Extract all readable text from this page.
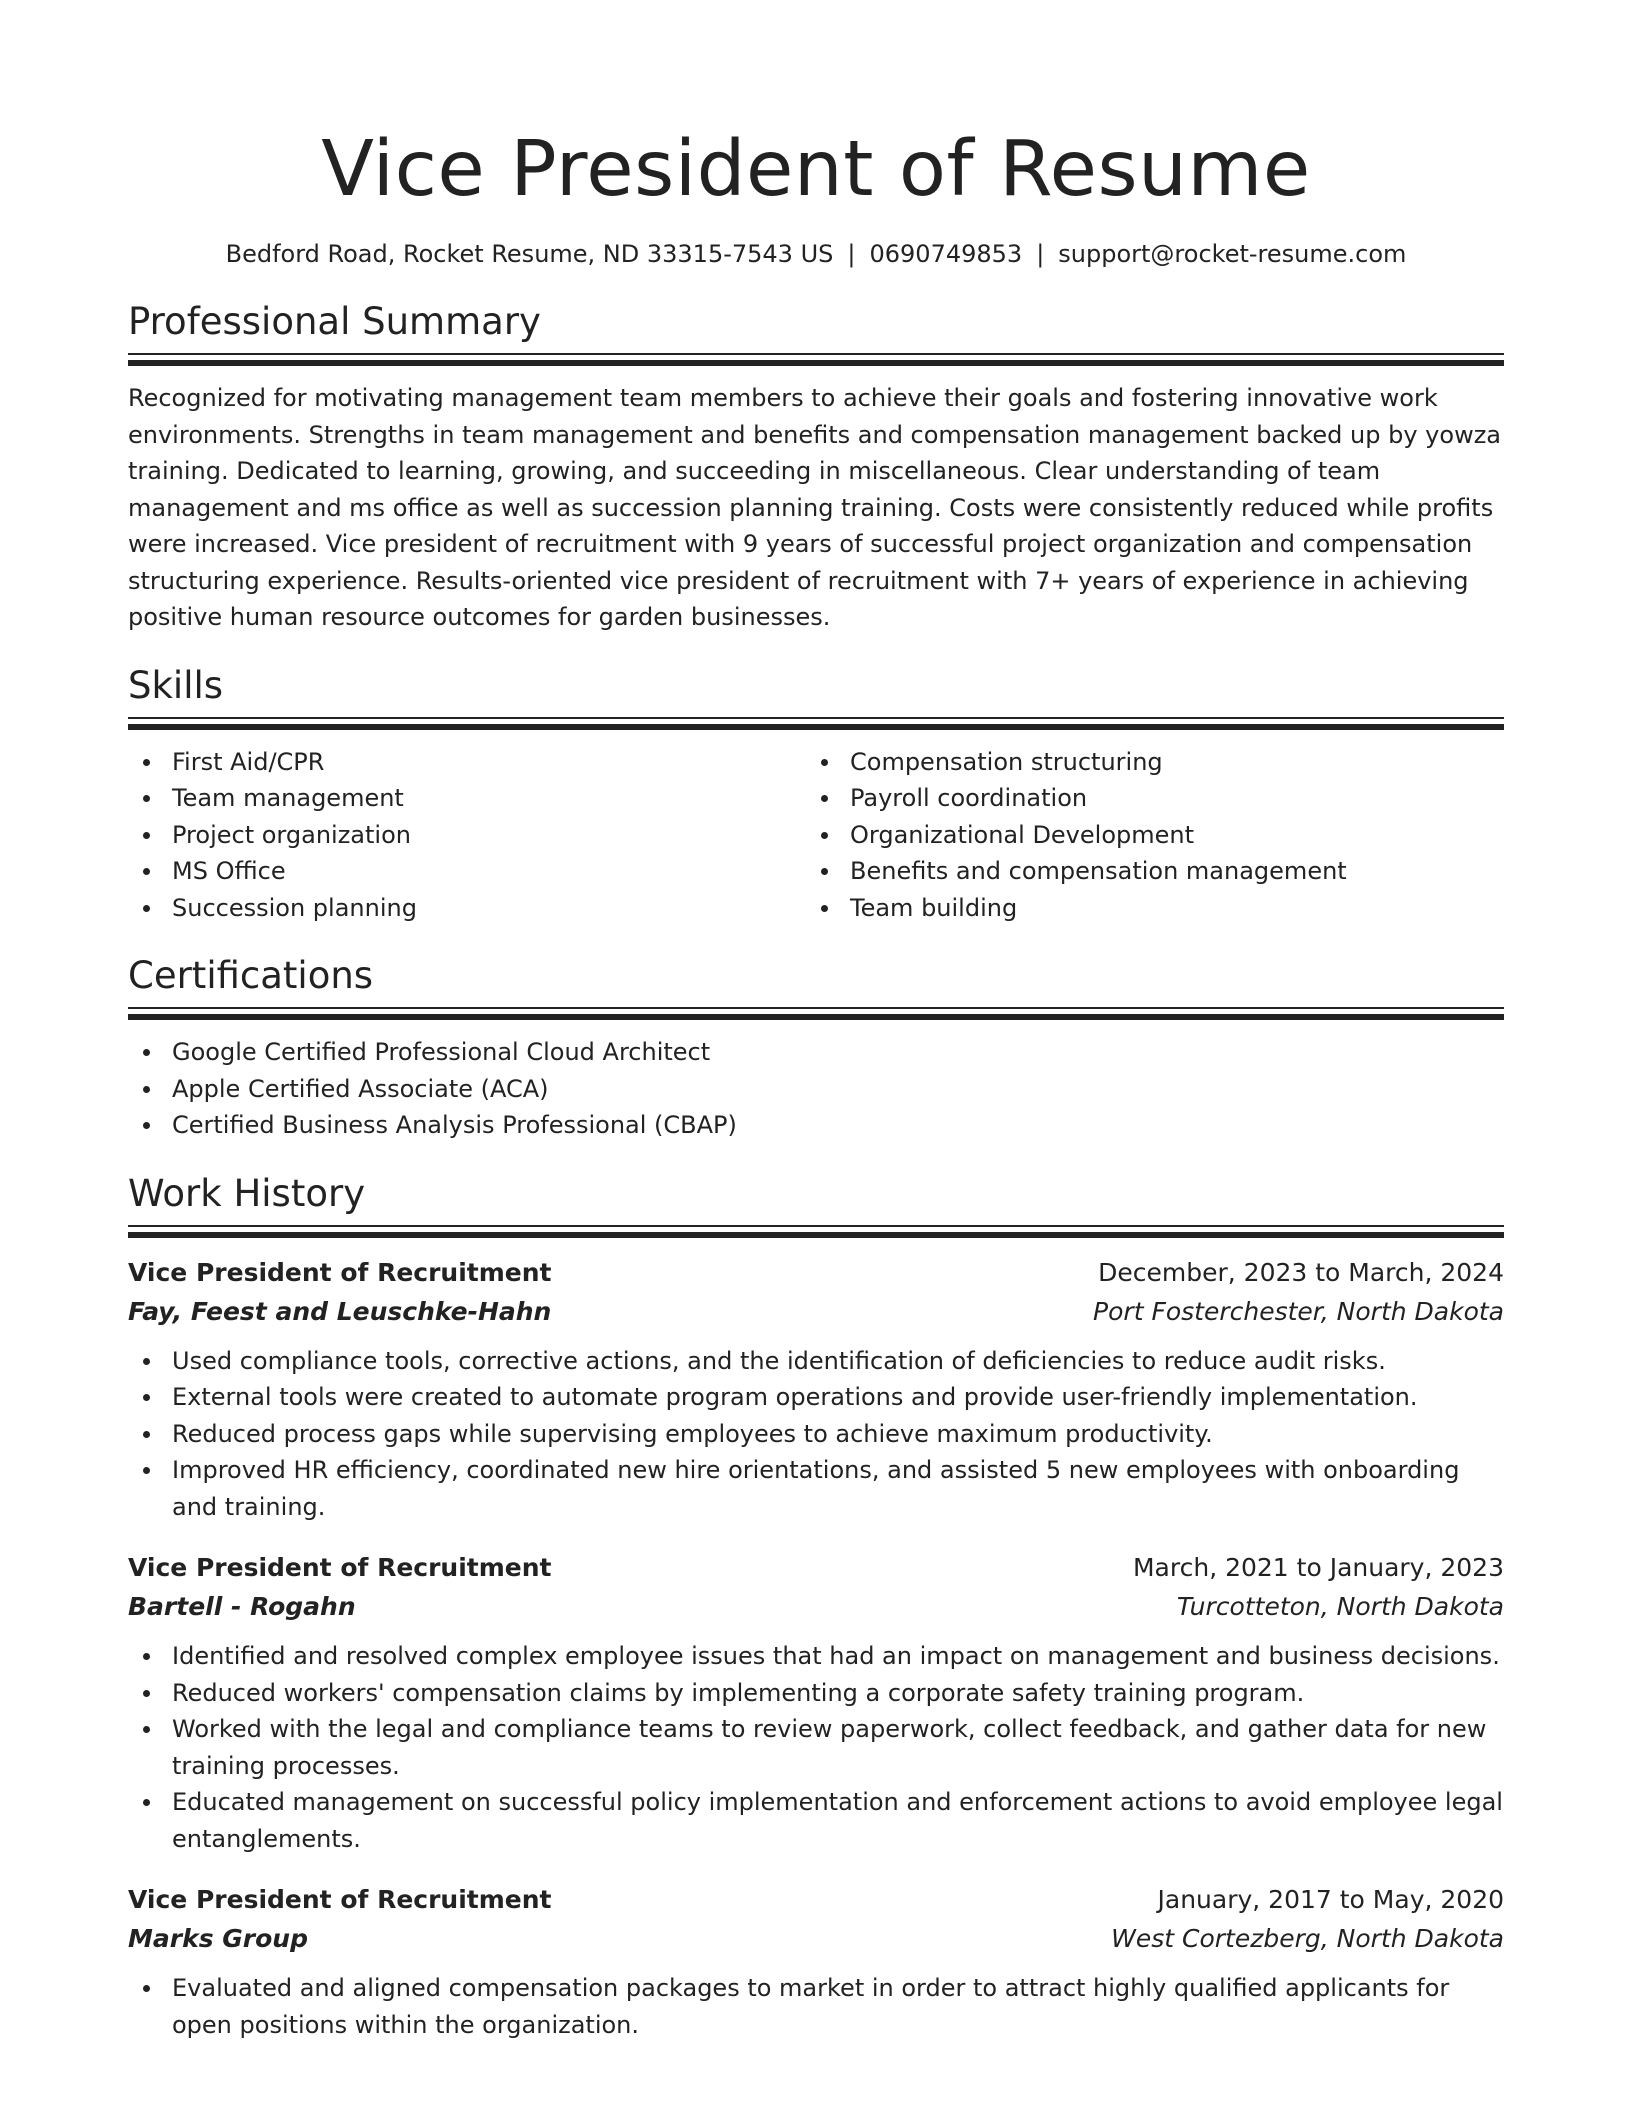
Vice President of Resume
Bedford Road, Rocket Resume, ND 33315-7543 US | 0690749853 | support@rocket-resume.com
Professional Summary

Recognized for motivating management team members to achieve their goals and fostering innovative work environments. Strengths in team management and benefits and compensation management backed up by yowza training. Dedicated to learning, growing, and succeeding in miscellaneous. Clear understanding of team management and ms office as well as succession planning training. Costs were consistently reduced while profits were increased. Vice president of recruitment with 9 years of successful project organization and compensation structuring experience. Results-oriented vice president of recruitment with 7+ years of experience in achieving positive human resource outcomes for garden businesses.

Skills
First Aid/CPR
Team management
Project organization
MS Office
Succession planning
Compensation structuring
Payroll coordination
Organizational Development
Benefits and compensation management
Team building
Certifications
Google Certified Professional Cloud Architect
Apple Certified Associate (ACA)
Certified Business Analysis Professional (CBAP)
Work History
Vice President of Recruitment	December, 2023 to March, 2024
Fay, Feest and Leuschke-Hahn	Port Fosterchester, North Dakota
Used compliance tools, corrective actions, and the identification of deficiencies to reduce audit risks.
External tools were created to automate program operations and provide user-friendly implementation.
Reduced process gaps while supervising employees to achieve maximum productivity.
Improved HR efficiency, coordinated new hire orientations, and assisted 5 new employees with onboarding and training.
Vice President of Recruitment	March, 2021 to January, 2023
Bartell - Rogahn	Turcotteton, North Dakota
Identified and resolved complex employee issues that had an impact on management and business decisions.
Reduced workers' compensation claims by implementing a corporate safety training program.
Worked with the legal and compliance teams to review paperwork, collect feedback, and gather data for new training processes.
Educated management on successful policy implementation and enforcement actions to avoid employee legal entanglements.
Vice President of Recruitment	January, 2017 to May, 2020
Marks Group	West Cortezberg, North Dakota
Evaluated and aligned compensation packages to market in order to attract highly qualified applicants for open positions within the organization.
